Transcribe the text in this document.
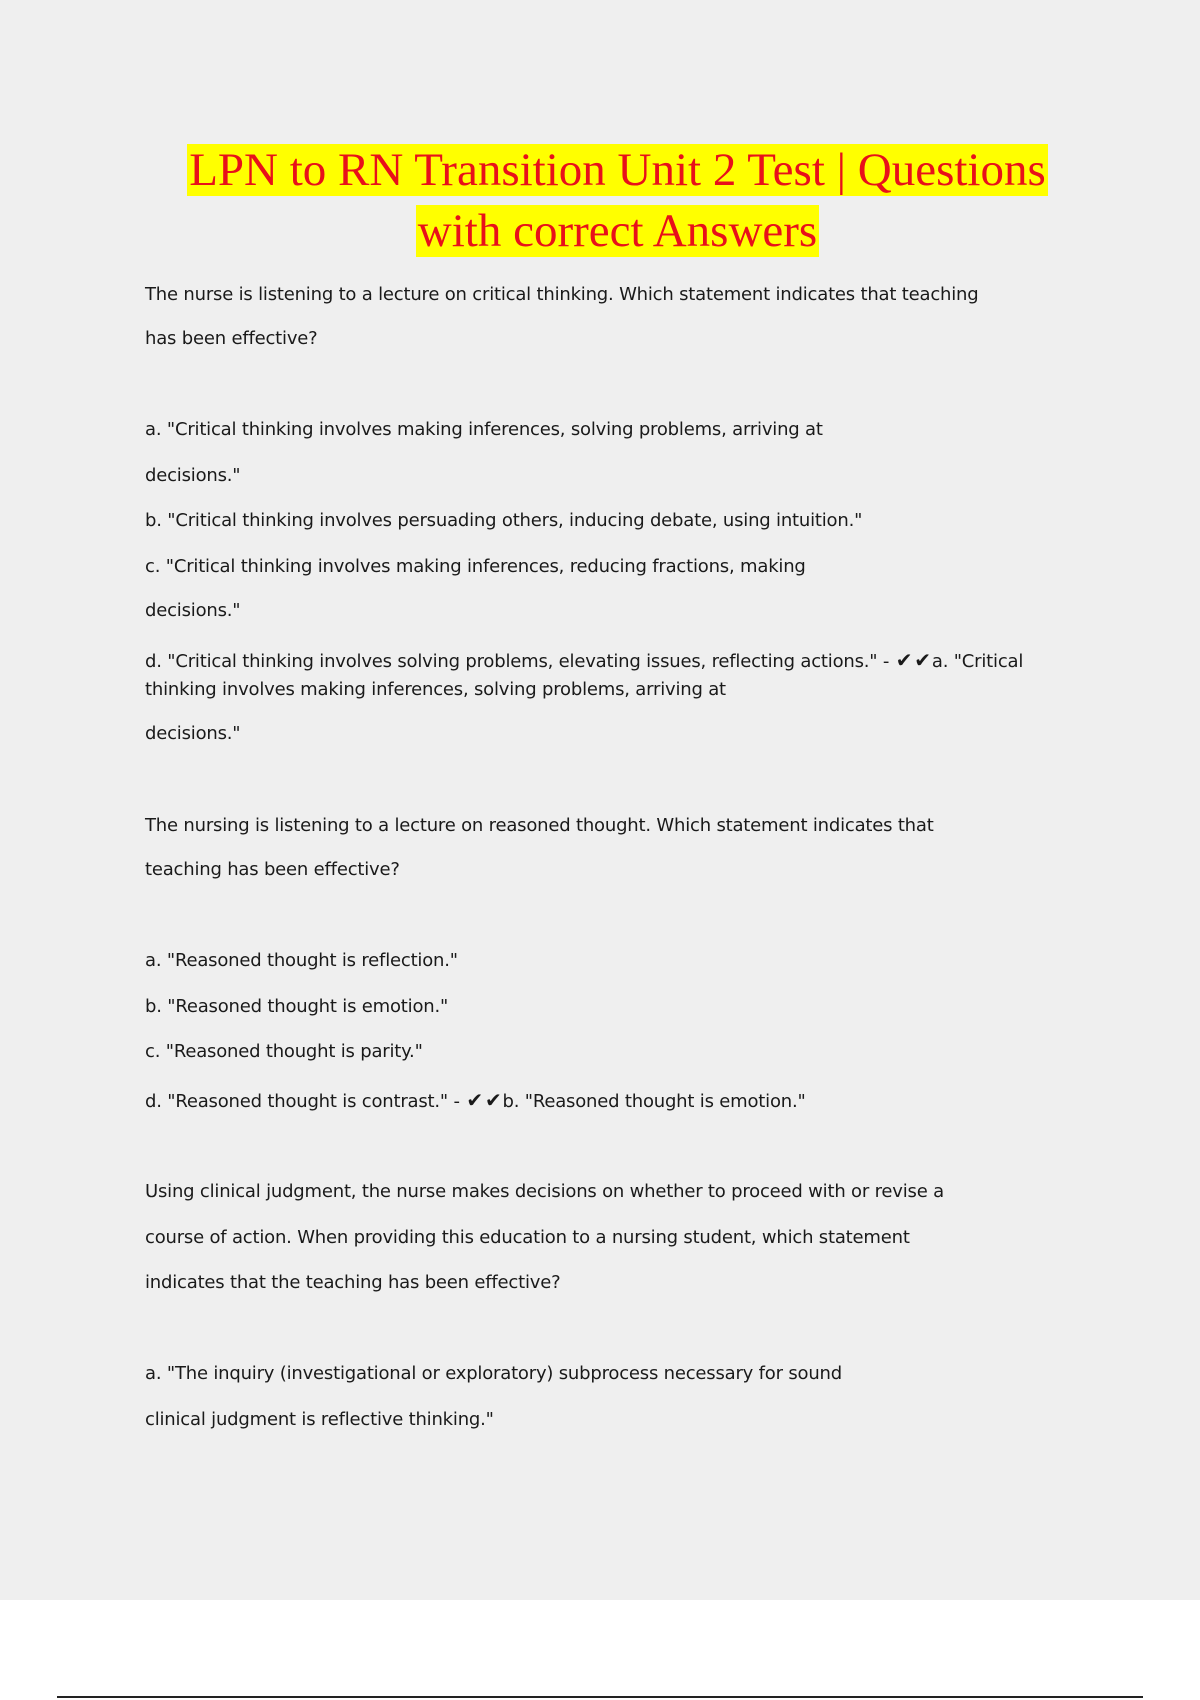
LPN to RN Transition Unit 2 Test | Questions
with correct Answers
The nurse is listening to a lecture on critical thinking. Which statement indicates that teaching
has been effective?
a. "Critical thinking involves making inferences, solving problems, arriving at
decisions."
b. "Critical thinking involves persuading others, inducing debate, using intuition."
c. "Critical thinking involves making inferences, reducing fractions, making
decisions."
d. "Critical thinking involves solving problems, elevating issues, reflecting actions." - ✔ ✔a. "Critical
thinking involves making inferences, solving problems, arriving at
decisions."
The nursing is listening to a lecture on reasoned thought. Which statement indicates that
teaching has been effective?
a. "Reasoned thought is reflection."
b. "Reasoned thought is emotion."
c. "Reasoned thought is parity."
d. "Reasoned thought is contrast." - ✔ ✔b. "Reasoned thought is emotion."
Using clinical judgment, the nurse makes decisions on whether to proceed with or revise a
course of action. When providing this education to a nursing student, which statement
indicates that the teaching has been effective?
a. "The inquiry (investigational or exploratory) subprocess necessary for sound
clinical judgment is reflective thinking."
